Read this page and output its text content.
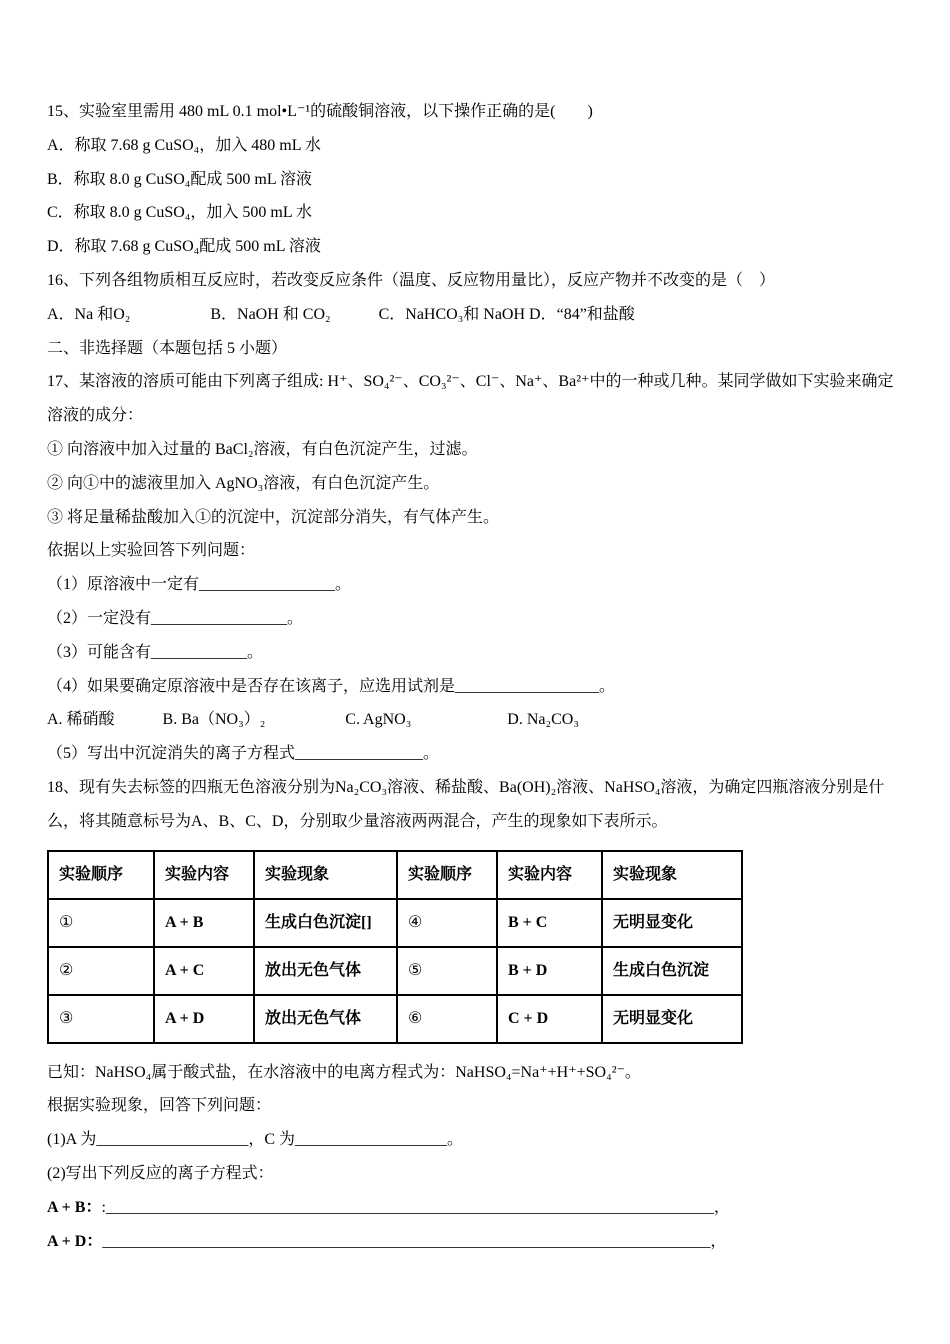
15、实验室里需用 480 mL 0.1 mol•L⁻¹的硫酸铜溶液，以下操作正确的是(　　)

A．称取 7.68 g CuSO₄，加入 480 mL 水

B．称取 8.0 g CuSO₄配成 500 mL 溶液

C．称取 8.0 g CuSO₄，加入 500 mL 水

D．称取 7.68 g CuSO₄配成 500 mL 溶液

16、下列各组物质相互反应时，若改变反应条件（温度、反应物用量比），反应产物并不改变的是（　）

A．Na 和O₂　　　　　B．NaOH 和 CO₂　　　C．NaHCO₃和 NaOH D．“84”和盐酸

二、非选择题（本题包括 5 小题）

17、某溶液的溶质可能由下列离子组成: H⁺、SO₄²⁻、CO₃²⁻、Cl⁻、Na⁺、Ba²⁺中的一种或几种。某同学做如下实验来确定溶液的成分：

① 向溶液中加入过量的 BaCl₂溶液，有白色沉淀产生，过滤。

② 向①中的滤液里加入 AgNO₃溶液，有白色沉淀产生。

③ 将足量稀盐酸加入①的沉淀中，沉淀部分消失，有气体产生。

依据以上实验回答下列问题：

（1）原溶液中一定有_________________。

（2）一定没有_________________。

（3）可能含有____________。

（4）如果要确定原溶液中是否存在该离子，应选用试剂是__________________。

A. 稀硝酸　　　B. Ba（NO₃）₂　　　　　C. AgNO₃　　　　　　D. Na₂CO₃

（5）写出中沉淀消失的离子方程式________________。

18、现有失去标签的四瓶无色溶液分别为Na₂CO₃溶液、稀盐酸、Ba(OH)₂溶液、NaHSO₄溶液，为确定四瓶溶液分别是什么，将其随意标号为A、B、C、D，分别取少量溶液两两混合，产生的现象如下表所示。

实验顺序	实验内容	实验现象	实验顺序	实验内容	实验现象
①	A + B	生成白色沉淀[]	④	B + C	无明显变化
②	A + C	放出无色气体	⑤	B + D	生成白色沉淀
③	A + D	放出无色气体	⑥	C + D	无明显变化

已知：NaHSO₄属于酸式盐，在水溶液中的电离方程式为：NaHSO₄=Na⁺+H⁺+SO₄²⁻。

根据实验现象，回答下列问题：

(1)A 为___________________，C 为___________________。

(2)写出下列反应的离子方程式：

A + B：:____________________________________________________________________________，

A + D：____________________________________________________________________________，
